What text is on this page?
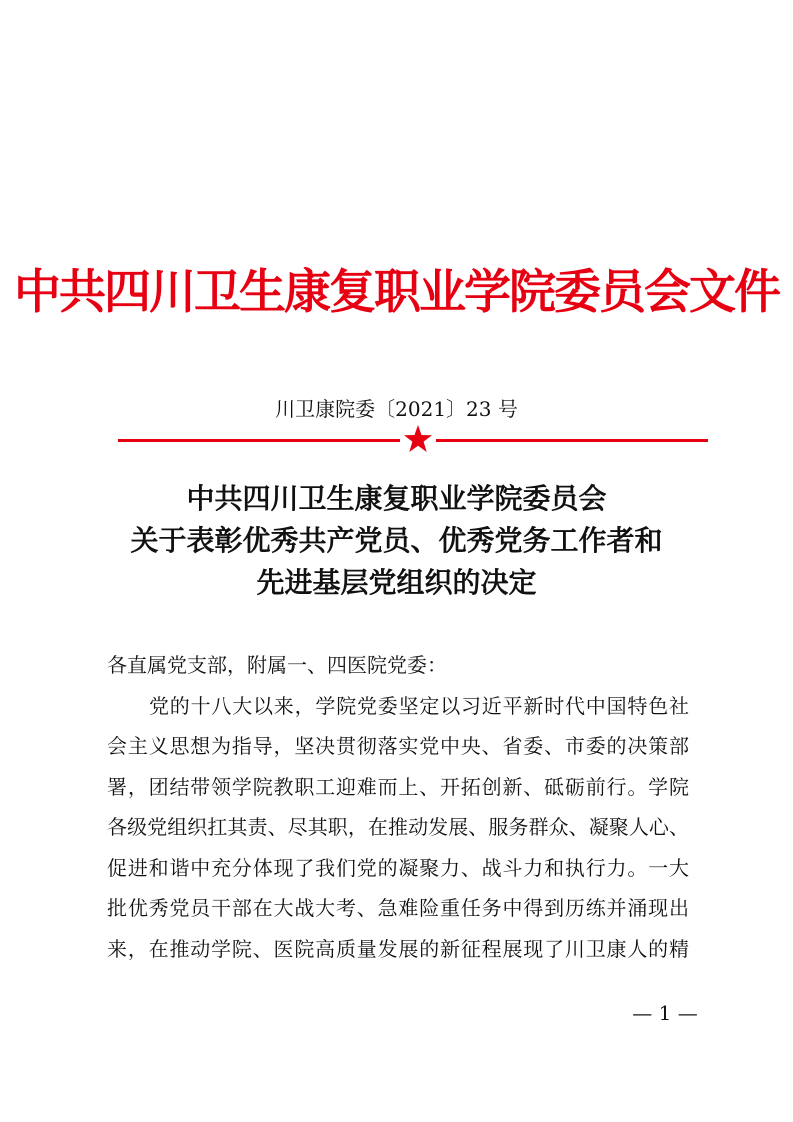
中共四川卫生康复职业学院委员会文件
川卫康院委〔2021〕23 号
中共四川卫生康复职业学院委员会
关于表彰优秀共产党员、优秀党务工作者和
先进基层党组织的决定
各直属党支部，附属一、四医院党委：
党的十八大以来，学院党委坚定以习近平新时代中国特色社
会主义思想为指导，坚决贯彻落实党中央、省委、市委的决策部
署，团结带领学院教职工迎难而上、开拓创新、砥砺前行。学院
各级党组织扛其责、尽其职，在推动发展、服务群众、凝聚人心、
促进和谐中充分体现了我们党的凝聚力、战斗力和执行力。一大
批优秀党员干部在大战大考、急难险重任务中得到历练并涌现出
来，在推动学院、医院高质量发展的新征程展现了川卫康人的精
— 1 —
